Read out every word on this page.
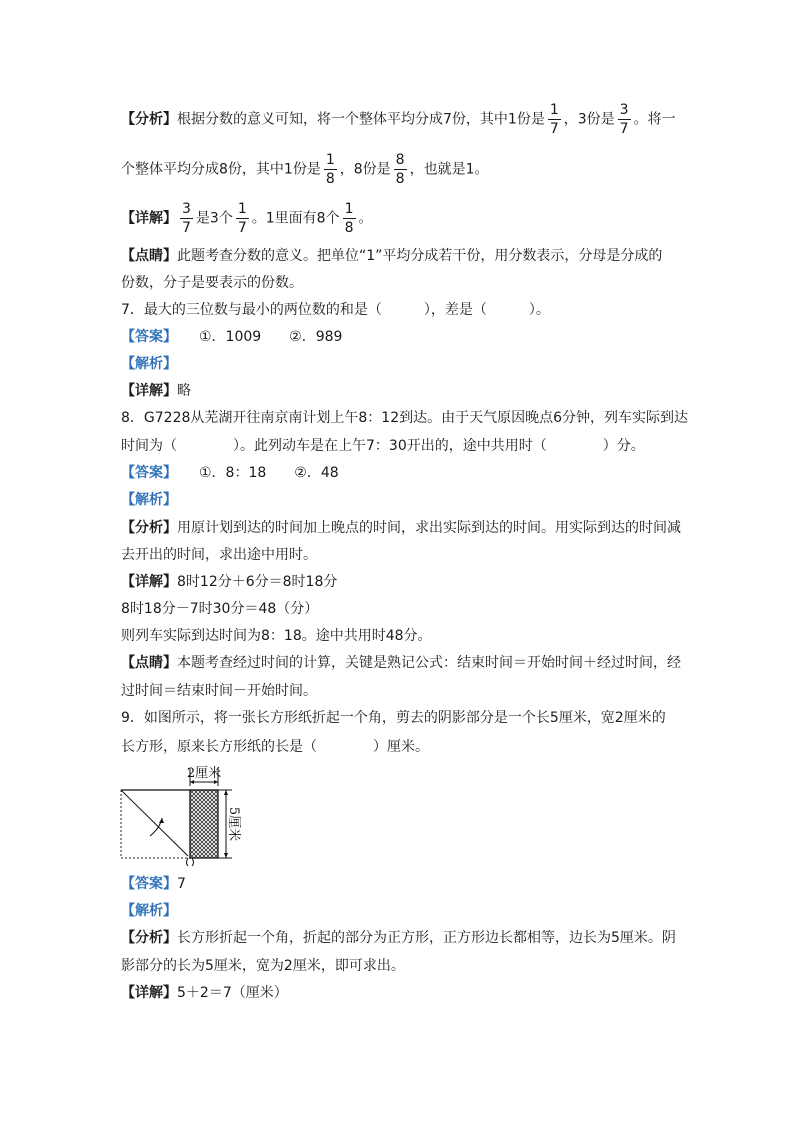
【分析】根据分数的意义可知，将一个整体平均分成7份，其中1份是 $\frac{1}{7}$ ，3份是 $\frac{3}{7}$ 。将一
个整体平均分成8份，其中1份是 $\frac{1}{8}$ ，8份是 $\frac{8}{8}$ ，也就是1。
【详解】 $\frac{3}{7}$ 是3个 $\frac{1}{7}$ 。1里面有8个 $\frac{1}{8}$ 。
【点睛】此题考查分数的意义。把单位“1”平均分成若干份，用分数表示，分母是分成的
份数，分子是要表示的份数。
7．最大的三位数与最小的两位数的和是（　　　），差是（　　　）。
【答案】 ①．1009　　②．989
【解析】
【详解】略
8．G7228从芜湖开往南京南计划上午8：12到达。由于天气原因晚点6分钟，列车实际到达
时间为（　　　　）。此列动车是在上午7：30开出的，途中共用时（　　　　）分。
【答案】 ①．8：18　　②．48
【解析】
【分析】用原计划到达的时间加上晚点的时间，求出实际到达的时间。用实际到达的时间减
去开出的时间，求出途中用时。
【详解】8时12分＋6分＝8时18分
8时18分－7时30分＝48（分）
则列车实际到达时间为8：18。途中共用时48分。
【点睛】本题考查经过时间的计算，关键是熟记公式：结束时间＝开始时间＋经过时间，经
过时间＝结束时间－开始时间。
9．如图所示，将一张长方形纸折起一个角，剪去的阴影部分是一个长5厘米，宽2厘米的
长方形，原来长方形纸的长是（　　　　）厘米。
2厘米
5厘米
【答案】7
【解析】
【分析】长方形折起一个角，折起的部分为正方形，正方形边长都相等，边长为5厘米。阴
影部分的长为5厘米，宽为2厘米，即可求出。
【详解】5＋2＝7（厘米）
